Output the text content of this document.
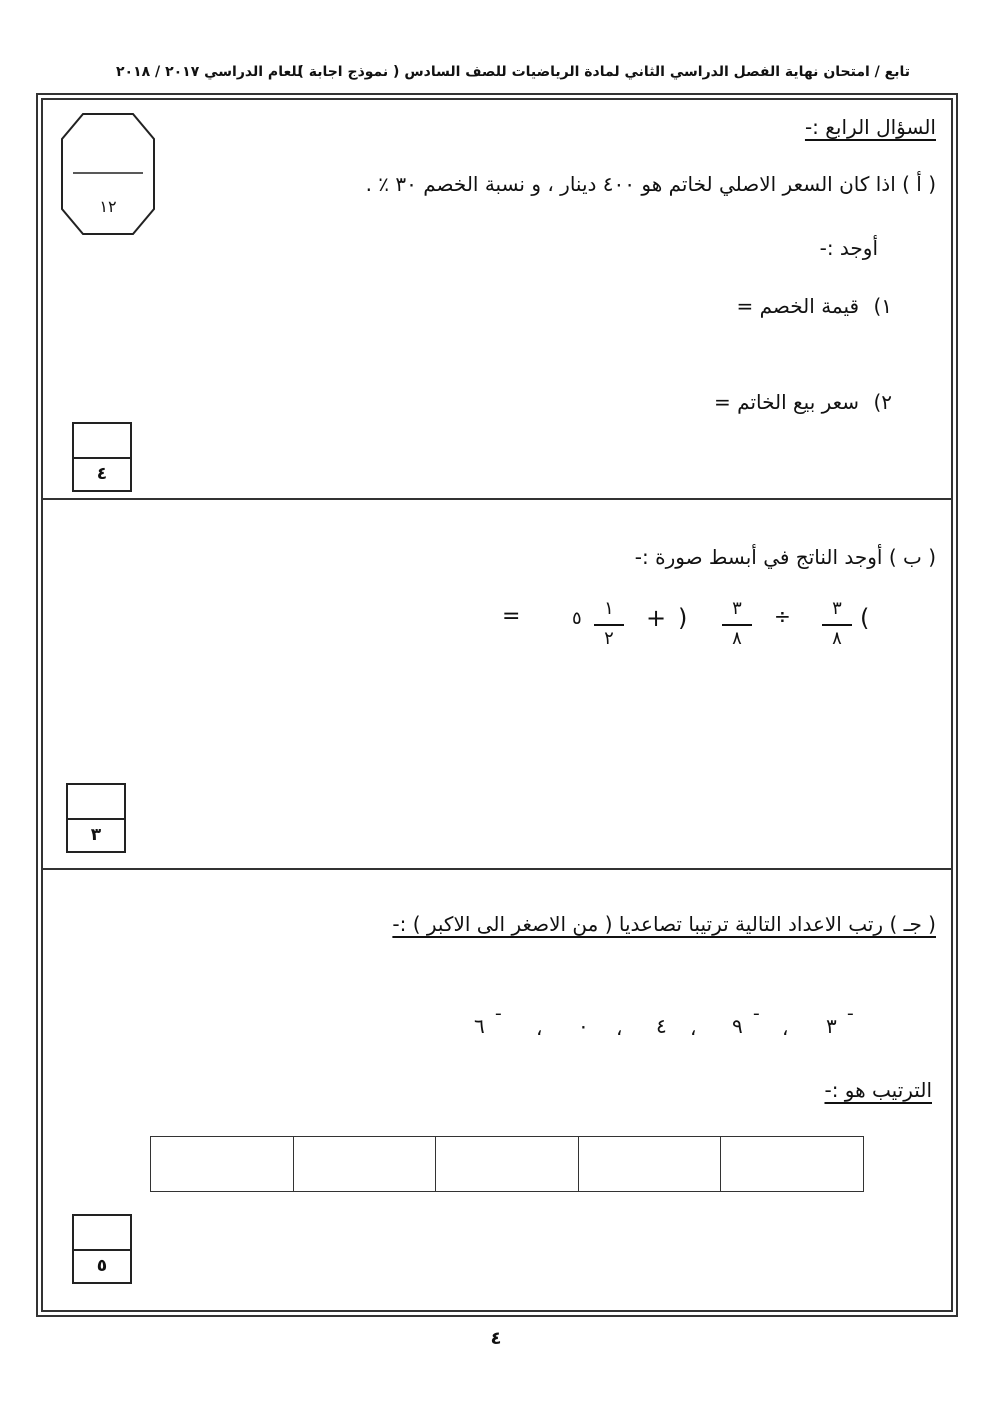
تابع / امتحان نهاية الفصل الدراسي الثاني لمادة الرياضيات للصف السادس ( نموذج اجابة )
للعام الدراسي ٢٠١٧ / ٢٠١٨
السؤال الرابع :-
١٢
( أ ) اذا كان السعر الاصلي لخاتم هو ٤٠٠ دينار ، و نسبة الخصم ٣٠ ٪ .
أوجد :-
١) قيمة الخصم =
٢) سعر بيع الخاتم =
٤
( ب ) أوجد الناتج في أبسط صورة :-
(
٣
٨
÷
٣
٨
)
+
١
٢
٥
=
٣
( جـ ) رتب الاعداد التالية ترتيبا تصاعديا ( من الاصغر الى الاكبر ) :-
٣
ـ
،
٩
ـ
،
٤
،
٠
،
٦
ـ
الترتيب هو :-

٥
٤
